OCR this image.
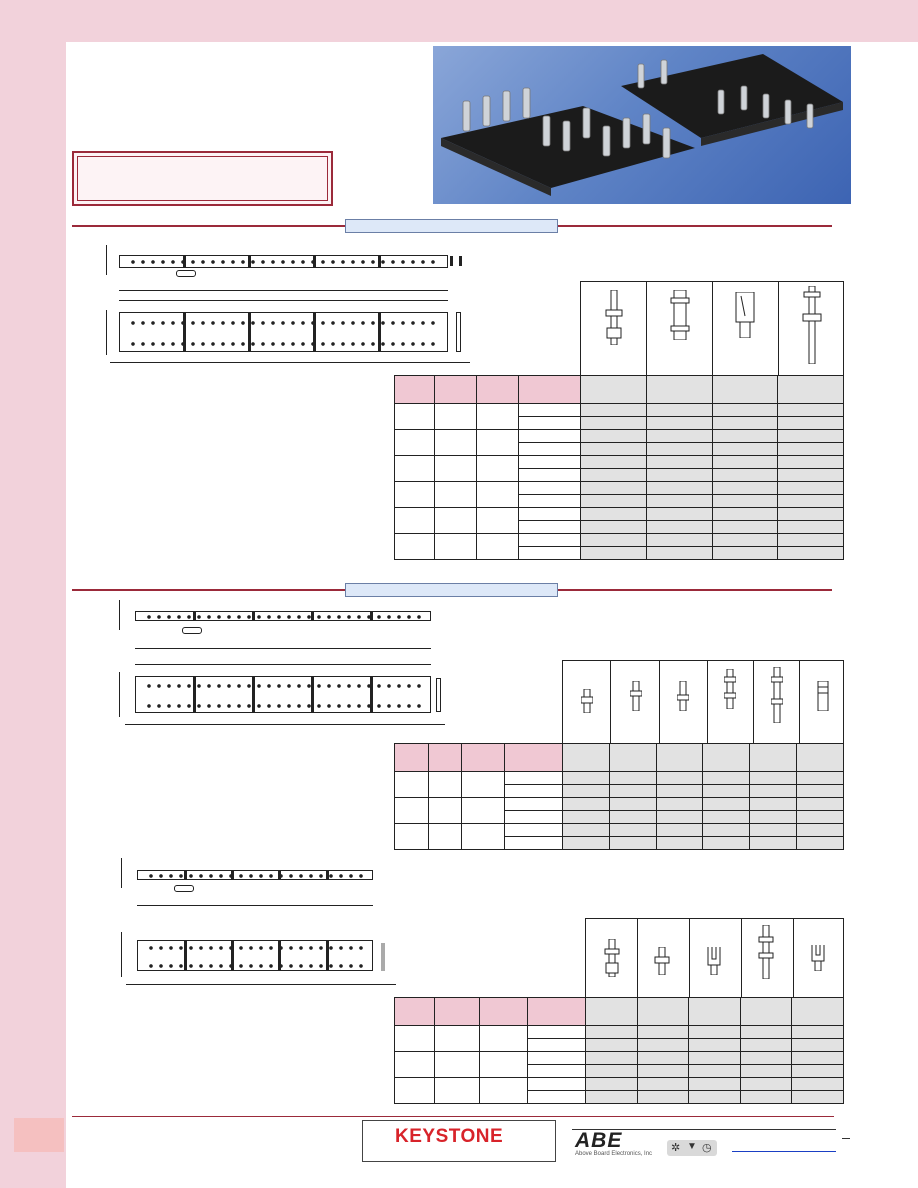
KEYSTONE	ABE
Above Board Electronics, Inc ✲ ▼ ◷
